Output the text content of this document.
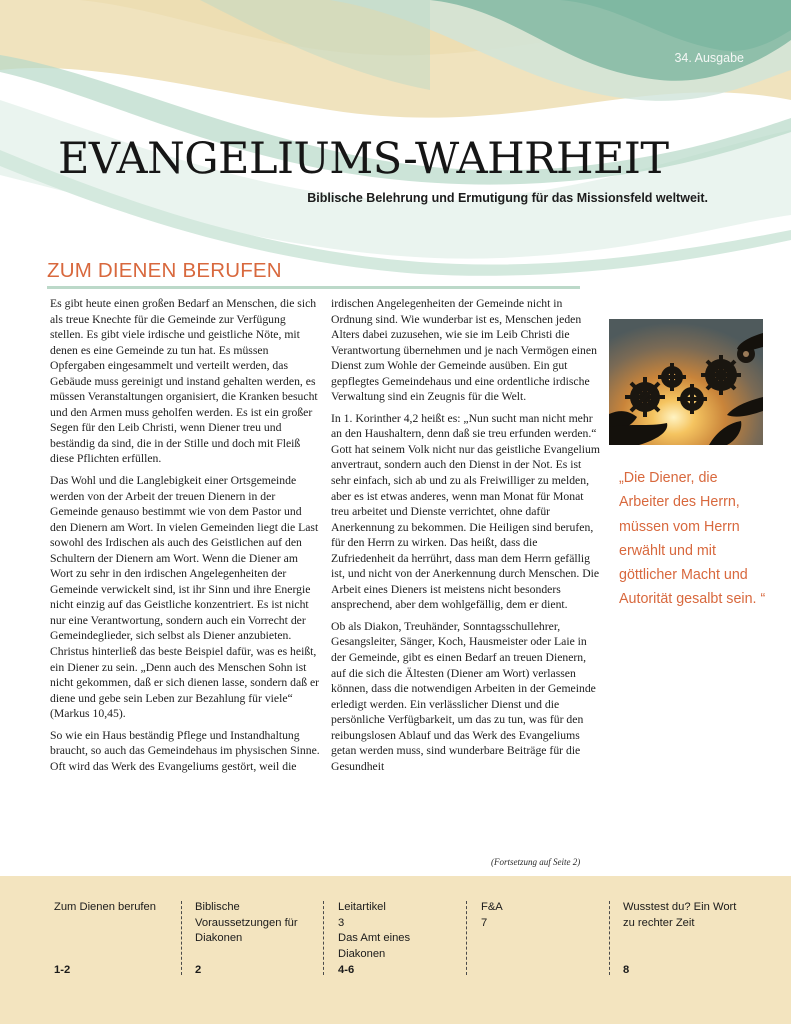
34. Ausgabe
EVANGELIUMS-WAHRHEIT
Biblische Belehrung und Ermutigung für das Missionsfeld weltweit.
ZUM DIENEN BERUFEN

Es gibt heute einen großen Bedarf an Menschen, die sich als treue Knechte für die Gemeinde zur Verfügung stellen. Es gibt viele irdische und geistliche Nöte, mit denen es eine Gemeinde zu tun hat. Es müssen Opfergaben eingesammelt und verteilt werden, das Gebäude muss gereinigt und instand gehalten werden, es müssen Veranstaltungen organisiert, die Kranken besucht und den Armen muss geholfen werden. Es ist ein großer Segen für den Leib Christi, wenn Diener treu und beständig da sind, die in der Stille und doch mit Fleiß diese Pflichten erfüllen.

Das Wohl und die Langlebigkeit einer Ortsgemeinde werden von der Arbeit der treuen Dienern in der Gemeinde genauso bestimmt wie von dem Pastor und den Dienern am Wort. In vielen Gemeinden liegt die Last sowohl des Irdischen als auch des Geistlichen auf den Schultern der Dienern am Wort. Wenn die Diener am Wort zu sehr in den irdischen Angelegenheiten der Gemeinde verwickelt sind, ist ihr Sinn und ihre Energie nicht einzig auf das Geistliche konzentriert. Es ist nicht nur eine Verantwortung, sondern auch ein Vorrecht der Gemeindeglieder, sich selbst als Diener anzubieten. Christus hinterließ das beste Beispiel dafür, was es heißt, ein Diener zu sein. „Denn auch des Menschen Sohn ist nicht gekommen, daß er sich dienen lasse, sondern daß er diene und gebe sein Leben zur Bezahlung für viele“ (Markus 10,45).

So wie ein Haus beständig Pflege und Instandhaltung braucht, so auch das Gemeindehaus im physischen Sinne. Oft wird das Werk des Evangeliums gestört, weil die

irdischen Angelegenheiten der Gemeinde nicht in Ordnung sind. Wie wunderbar ist es, Menschen jeden Alters dabei zuzusehen, wie sie im Leib Christi die Verantwortung übernehmen und je nach Vermögen einen Dienst zum Wohle der Gemeinde ausüben. Ein gut gepflegtes Gemeindehaus und eine ordentliche irdische Verwaltung sind ein Zeugnis für die Welt.

In 1. Korinther 4,2 heißt es: „Nun sucht man nicht mehr an den Haushaltern, denn daß sie treu erfunden werden.“ Gott hat seinem Volk nicht nur das geistliche Evangelium anvertraut, sondern auch den Dienst in der Not. Es ist sehr einfach, sich ab und zu als Freiwilliger zu melden, aber es ist etwas anderes, wenn man Monat für Monat treu arbeitet und Dienste verrichtet, ohne dafür Anerkennung zu bekommen. Die Heiligen sind berufen, für den Herrn zu wirken. Das heißt, dass die Zufriedenheit da herrührt, dass man dem Herrn gefällig ist, und nicht von der Anerkennung durch Menschen. Die Arbeit eines Dieners ist meistens nicht besonders ansprechend, aber dem wohlgefällig, dem er dient.

Ob als Diakon, Treuhänder, Sonntagsschullehrer, Gesangsleiter, Sänger, Koch, Hausmeister oder Laie in der Gemeinde, gibt es einen Bedarf an treuen Dienern, auf die sich die Ältesten (Diener am Wort) verlassen können, dass die notwendigen Arbeiten in der Gemeinde erledigt werden. Ein verlässlicher Dienst und die persönliche Verfügbarkeit, um das zu tun, was für den reibungslosen Ablauf und das Werk des Evangeliums getan werden muss, sind wunderbare Beiträge für die Gesundheit

(Fortsetzung auf Seite 2)
„Die Diener, die Arbeiter des Herrn, müssen vom Herrn erwählt und mit göttlicher Macht und Autorität gesalbt sein. “
Zum Dienen berufen
1-2
Biblische Voraussetzungen für Diakonen
2
Leitartikel
3
Das Amt eines Diakonen
4-6
F&A
7
Wusstest du? Ein Wort zu rechter Zeit
8
